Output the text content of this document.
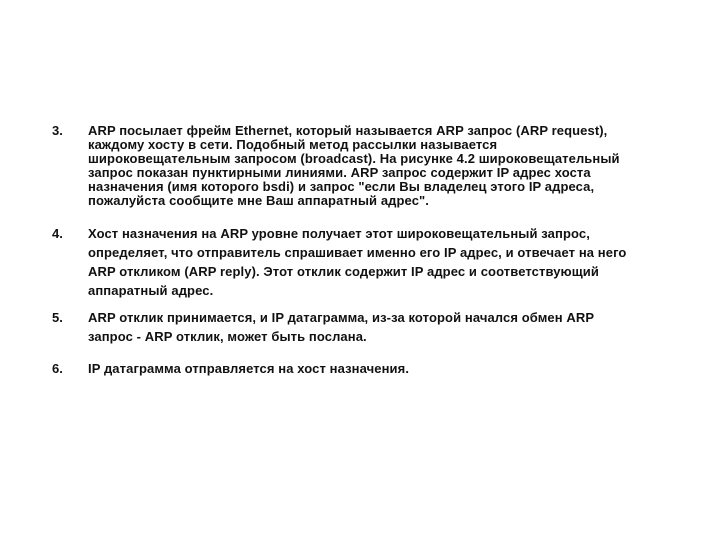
3.	ARP посылает фрейм Ethernet, который называется ARP запрос (ARP request),
каждому хосту в сети. Подобный метод рассылки называется
широковещательным запросом (broadcast). На рисунке 4.2 широковещательный
запрос показан пунктирными линиями. ARP запрос содержит IP адрес хоста
назначения (имя которого bsdi) и запрос "если Вы владелец этого IP адреса,
пожалуйста сообщите мне Ваш аппаратный адрес".
4.	Хост назначения на ARP уровне получает этот широковещательный запрос,
определяет, что отправитель спрашивает именно его IP адрес, и отвечает на него
ARP откликом (ARP reply). Этот отклик содержит IP адрес и соответствующий
аппаратный адрес.
5.	ARP отклик принимается, и IP датаграмма, из-за которой начался обмен ARP
запрос - ARP отклик, может быть послана.
6.	IP датаграмма отправляется на хост назначения.
